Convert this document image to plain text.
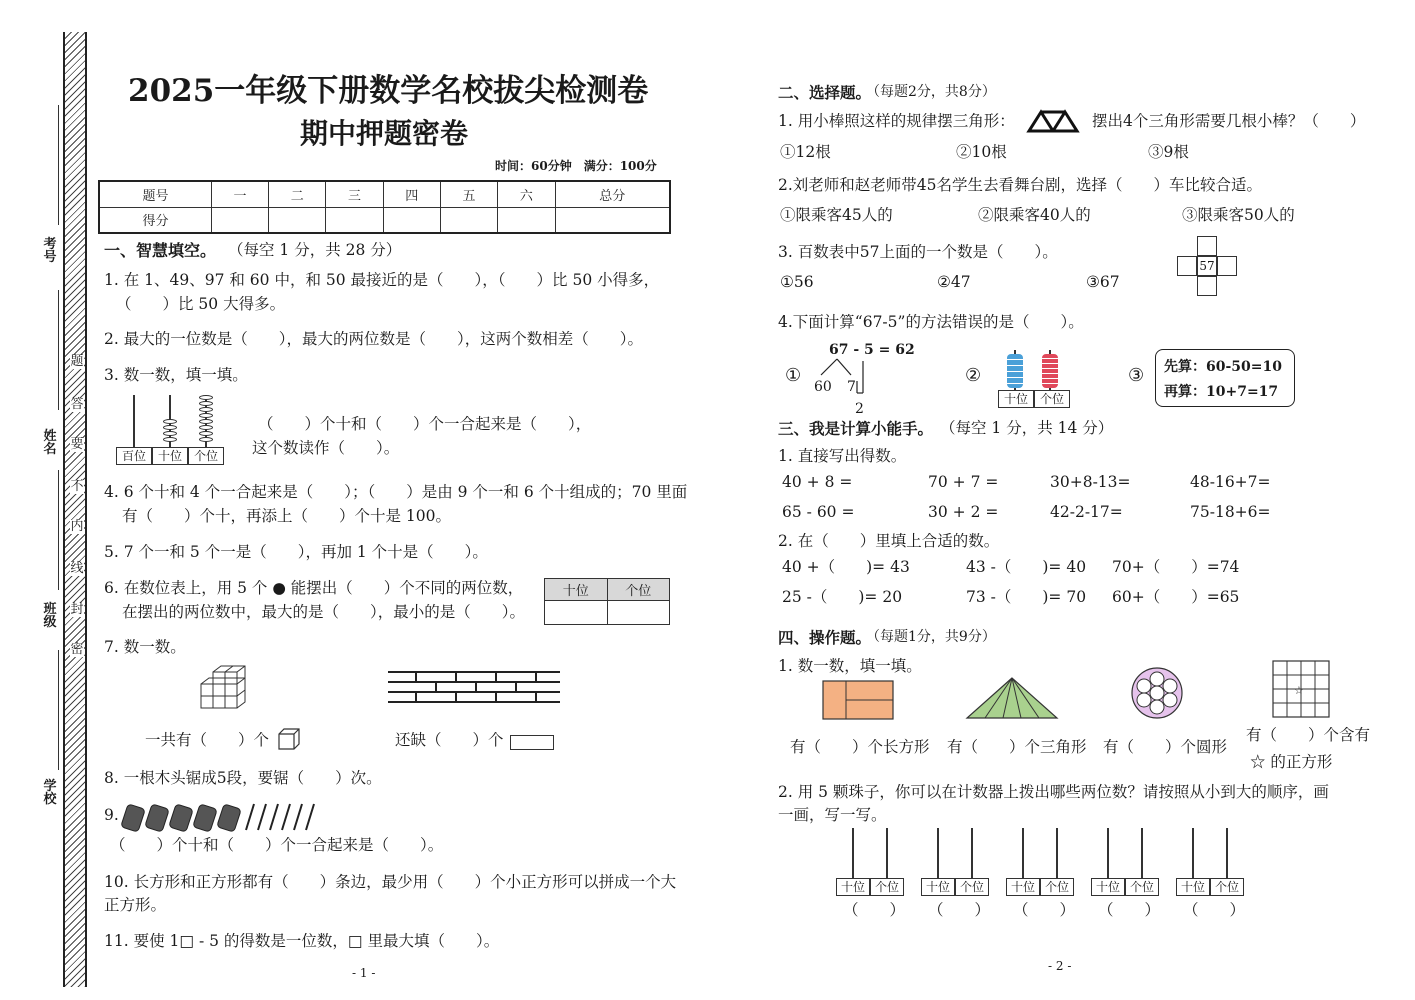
考号
姓名
班级
学校
题
答
要
不
内
线
封
密
2025一年级下册数学名校拔尖检测卷
期中押题密卷
时间：60分钟　满分：100分
题号	一	二	三	四	五	六	总分
得分							
一、智慧填空。 （每空 1 分，共 28 分）
1. 在 1、49、97 和 60 中，和 50 最接近的是（　　），（　　）比 50 小得多，
（　　）比 50 大得多。
2. 最大的一位数是（　　），最大的两位数是（　　），这两个数相差（　　）。
3. 数一数，填一填。
百位 十位 个位
（　　）个十和（　　）个一合起来是（　　），
这个数读作（　　）。
4. 6 个十和 4 个一合起来是（　　）；（　　）是由 9 个一和 6 个十组成的；70 里面
有（　　）个十，再添上（　　）个十是 100。
5. 7 个一和 5 个一是（　　），再加 1 个十是（　　）。
6. 在数位表上，用 5 个 ● 能摆出（　　）个不同的两位数，
在摆出的两位数中，最大的是（　　），最小的是（　　）。
十位	个位

7. 数一数。
一共有（　　）个	还缺（　　）个
8. 一根木头锯成5段，要锯（　　）次。
9.
（　　）个十和（　　）个一合起来是（　　）。
10. 长方形和正方形都有（　　）条边，最少用（　　）个小正方形可以拼成一个大
正方形。
11. 要使 1□ - 5 的得数是一位数，□ 里最大填（　　）。
- 1 -
二、选择题。
（每题2分，共8分）
1. 用小棒照这样的规律摆三角形：	摆出4个三角形需要几根小棒？（　　）
①12根	②10根	③9根
2.刘老师和赵老师带45名学生去看舞台剧，选择（　　）车比较合适。
①限乘客45人的	②限乘客40人的	③限乘客50人的
3. 百数表中57上面的一个数是（　　）。
①56	②47	③67
57
4.下面计算“67-5”的方法错误的是（　　）。
①
67 - 5 = 62
60 7
2
②
十位 个位
③ 先算：60-50=10
再算：10+7=17
三、我是计算小能手。 （每空 1 分，共 14 分）
1. 直接写出得数。
40 + 8 =	70 + 7 =	30+8-13=	48-16+7=
65 - 60 =	30 + 2 =	42-2-17=	75-18+6=
2. 在（　　）里填上合适的数。
40 +（　　)= 43	43 -（　　)= 40 70+（　　）=74
25 -（　　)= 20	73 -（　　)= 70 60+（　　）=65
四、操作题。
（每题1分，共9分）
1. 数一数，填一填。
☆
有（　　）个长方形 有（　　）个三角形 有（　　）个圆形
有（　　）个含有
☆ 的正方形
2. 用 5 颗珠子，你可以在计数器上拨出哪些两位数？请按照从小到大的顺序，画
一画，写一写。
十位 个位
（　　）
十位 个位
（　　）
十位 个位
（　　）
十位 个位
（　　）
十位 个位
（　　）
- 2 -
